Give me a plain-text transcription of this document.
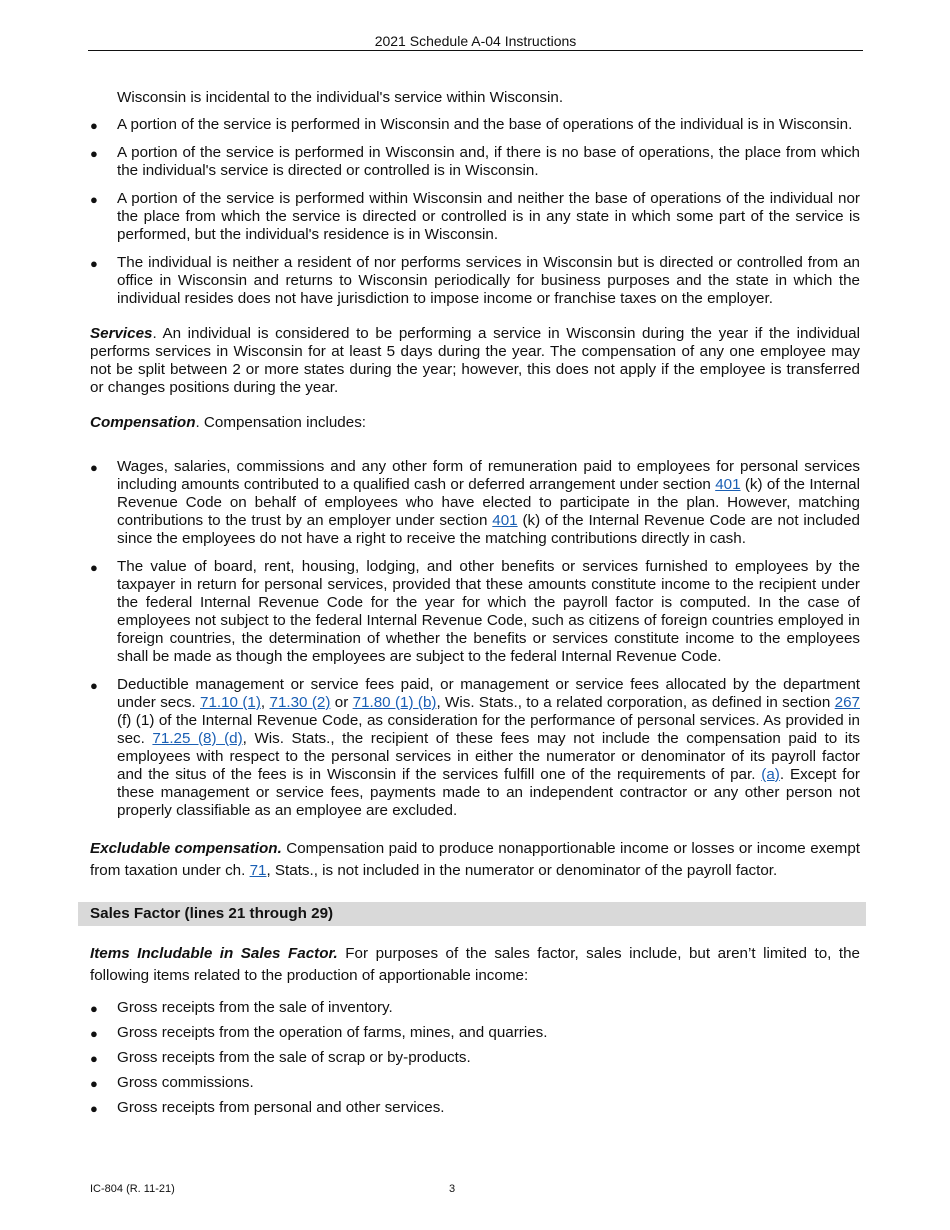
2021 Schedule A-04 Instructions

Wisconsin is incidental to the individual's service within Wisconsin.

● A portion of the service is performed in Wisconsin and the base of operations of the individual is in Wisconsin.
● A portion of the service is performed in Wisconsin and, if there is no base of operations, the place from which the individual's service is directed or controlled is in Wisconsin.
● A portion of the service is performed within Wisconsin and neither the base of operations of the individual nor the place from which the service is directed or controlled is in any state in which some part of the service is performed, but the individual's residence is in Wisconsin.
● The individual is neither a resident of nor performs services in Wisconsin but is directed or controlled from an office in Wisconsin and returns to Wisconsin periodically for business purposes and the state in which the individual resides does not have jurisdiction to impose income or franchise taxes on the employer.

Services. An individual is considered to be performing a service in Wisconsin during the year if the individual performs services in Wisconsin for at least 5 days during the year. The compensation of any one employee may not be split between 2 or more states during the year; however, this does not apply if the employee is transferred or changes positions during the year.

Compensation. Compensation includes:

● Wages, salaries, commissions and any other form of remuneration paid to employees for personal services including amounts contributed to a qualified cash or deferred arrangement under section 401 (k) of the Internal Revenue Code on behalf of employees who have elected to participate in the plan. However, matching contributions to the trust by an employer under section 401 (k) of the Internal Revenue Code are not included since the employees do not have a right to receive the matching contributions directly in cash.
● The value of board, rent, housing, lodging, and other benefits or services furnished to employees by the taxpayer in return for personal services, provided that these amounts constitute income to the recipient under the federal Internal Revenue Code for the year for which the payroll factor is computed. In the case of employees not subject to the federal Internal Revenue Code, such as citizens of foreign countries employed in foreign countries, the determination of whether the benefits or services constitute income to the employees shall be made as though the employees are subject to the federal Internal Revenue Code.
● Deductible management or service fees paid, or management or service fees allocated by the department under secs. 71.10 (1), 71.30 (2) or 71.80 (1) (b), Wis. Stats., to a related corporation, as defined in section 267 (f) (1) of the Internal Revenue Code, as consideration for the performance of personal services. As provided in sec. 71.25 (8) (d), Wis. Stats., the recipient of these fees may not include the compensation paid to its employees with respect to the personal services in either the numerator or denominator of its payroll factor and the situs of the fees is in Wisconsin if the services fulfill one of the requirements of par. (a). Except for these management or service fees, payments made to an independent contractor or any other person not properly classifiable as an employee are excluded.

Excludable compensation. Compensation paid to produce nonapportionable income or losses or income exempt from taxation under ch. 71, Stats., is not included in the numerator or denominator of the payroll factor.

Sales Factor (lines 21 through 29)

Items Includable in Sales Factor. For purposes of the sales factor, sales include, but aren’t limited to, the following items related to the production of apportionable income:

● Gross receipts from the sale of inventory.
● Gross receipts from the operation of farms, mines, and quarries.
● Gross receipts from the sale of scrap or by-products.
● Gross commissions.
● Gross receipts from personal and other services.
IC-804 (R. 11-21)	3
